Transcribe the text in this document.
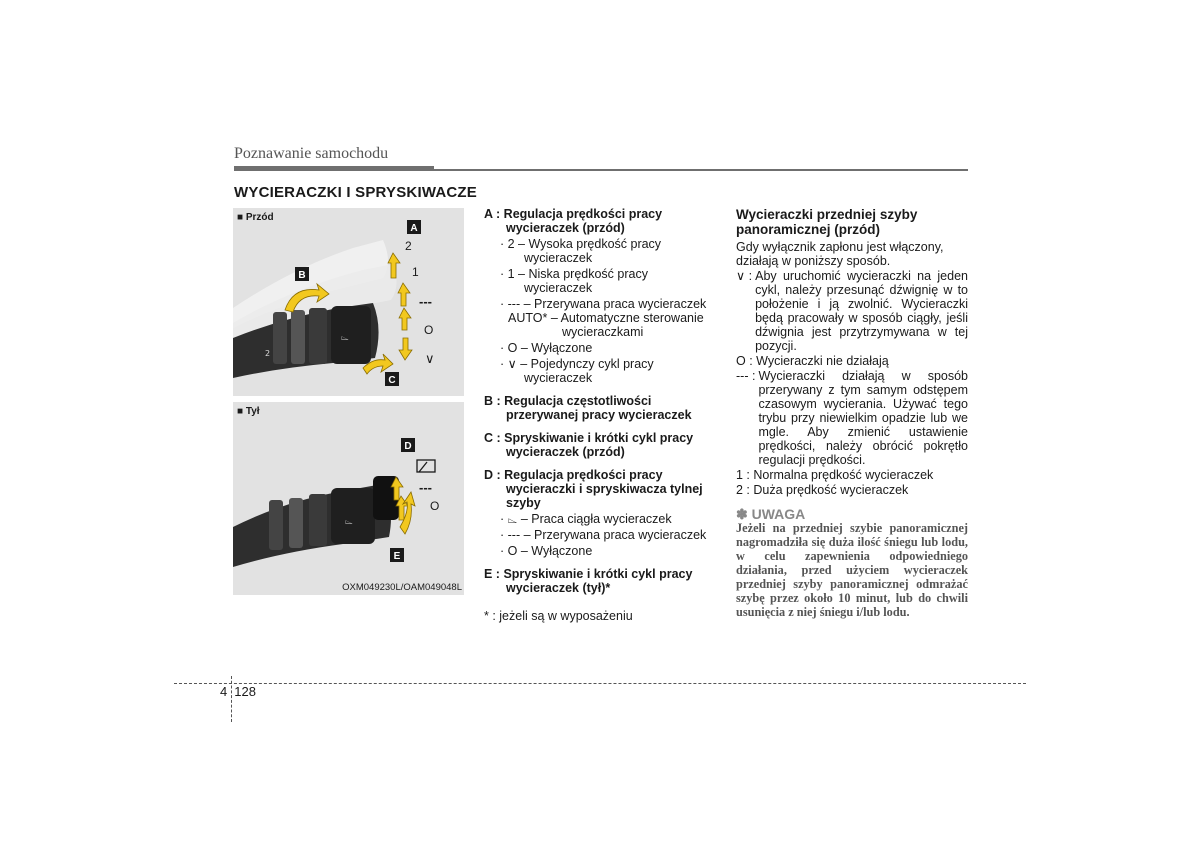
Poznawanie samochodu
WYCIERACZKI I SPRYSKIWACZE
⌳
2
A
B
C
2
1
---
O
∨
■ Przód
⌳
D
E
---
O
■ Tył
OXM049230L/OAM049048L
A : Regulacja prędkości pracy wycieraczek (przód)
· 2 – Wysoka prędkość pracy
wycieraczek
· 1 – Niska prędkość pracy
wycieraczek
· --- – Przerywana praca wycieraczek
AUTO* – Automatyczne sterowanie
wycieraczkami
· O – Wyłączone
· ∨ – Pojedynczy cykl pracy
wycieraczek
B : Regulacja częstotliwości przerywanej pracy wycieraczek
C : Spryskiwanie i krótki cykl pracy wycieraczek (przód)
D : Regulacja prędkości pracy wycieraczki i spryskiwacza tylnej szyby
· ⌳ – Praca ciągła wycieraczek
· --- – Przerywana praca wycieraczek
· O – Wyłączone
E : Spryskiwanie i krótki cykl pracy wycieraczek (tył)*
* : jeżeli są w wyposażeniu
Wycieraczki przedniej szyby panoramicznej (przód)
Gdy wyłącznik zapłonu jest włączony, działają w poniższy sposób.
∨ : Aby uruchomić wycieraczki na jeden cykl, należy przesunąć dźwignię w to położenie i ją zwolnić. Wycieraczki będą pracowały w sposób ciągły, jeśli dźwignia jest przytrzymywana w tej pozycji.
O : Wycieraczki nie działają
--- : Wycieraczki działają w sposób przerywany z tym samym odstępem czasowym wycierania. Używać tego trybu przy niewielkim opadzie lub we mgle. Aby zmienić ustawienie prędkości, należy obrócić pokrętło regulacji prędkości.
1 : Normalna prędkość wycieraczek
2 : Duża prędkość wycieraczek
✽ UWAGA
Jeżeli na przedniej szybie panoramicznej nagromadziła się duża ilość śniegu lub lodu, w celu zapewnienia odpowiedniego działania, przed użyciem wycieraczek przedniej szyby panoramicznej odmrażać szybę przez około 10 minut, lub do chwili usunięcia z niej śniegu i/lub lodu.
4 128
